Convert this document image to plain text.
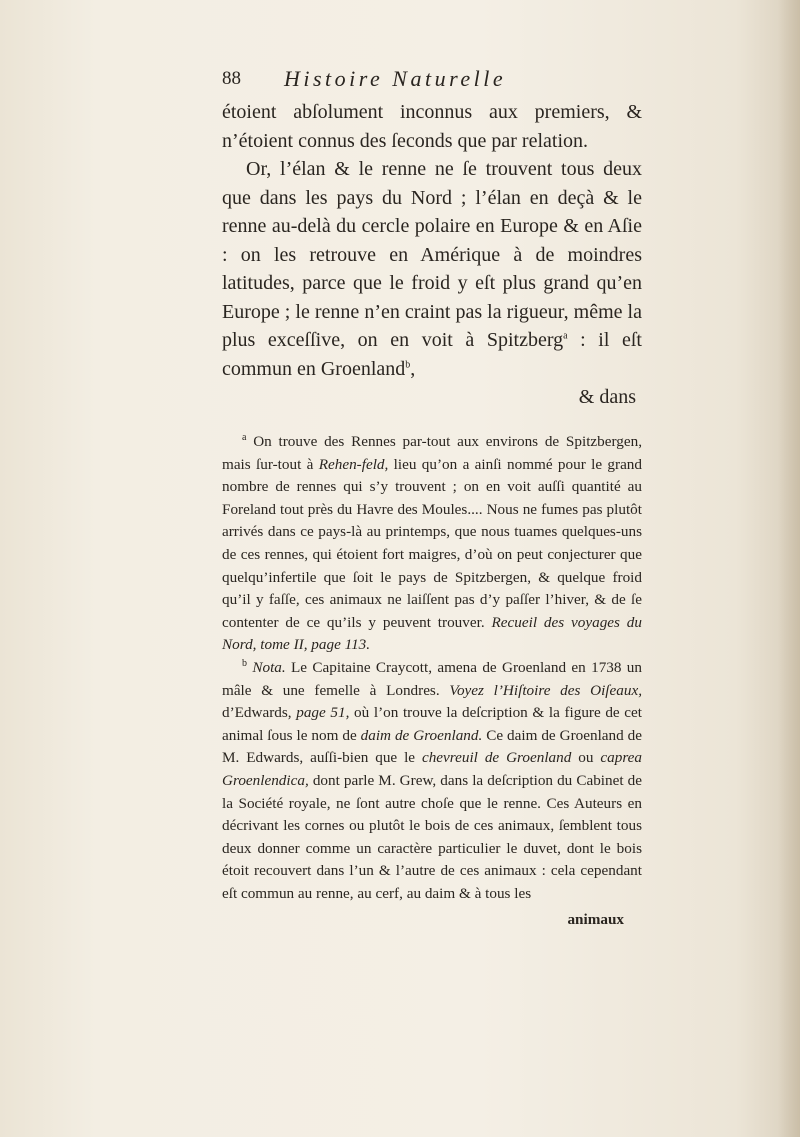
88 Histoire Naturelle

étoient abſolument inconnus aux premiers, & n’étoient connus des ſeconds que par relation.

Or, l’élan & le renne ne ſe trouvent tous deux que dans les pays du Nord ; l’élan en deçà & le renne au-delà du cercle polaire en Europe & en Aſie : on les retrouve en Amérique à de moindres latitudes, parce que le froid y eſt plus grand qu’en Europe ; le renne n’en craint pas la rigueur, même la plus exceſſive, on en voit à Spitzberg$^a$ : il eſt commun en Groenland$^b$,

& dans

$^a$ On trouve des Rennes par-tout aux environs de Spitzbergen, mais ſur-tout à Rehen-feld, lieu qu’on a ainſi nommé pour le grand nombre de rennes qui s’y trouvent ; on en voit auſſi quantité au Foreland tout près du Havre des Moules.... Nous ne fumes pas plutôt arrivés dans ce pays-là au printemps, que nous tuames quelques-uns de ces rennes, qui étoient fort maigres, d’où on peut conjecturer que quelqu’infertile que ſoit le pays de Spitzbergen, & quelque froid qu’il y faſſe, ces animaux ne laiſſent pas d’y paſſer l’hiver, & de ſe contenter de ce qu’ils y peuvent trouver. Recueil des voyages du Nord, tome II, page 113.

$^b$ Nota. Le Capitaine Craycott, amena de Groenland en 1738 un mâle & une femelle à Londres. Voyez l’Hiſtoire des Oiſeaux, d’Edwards, page 51, où l’on trouve la deſcription & la figure de cet animal ſous le nom de daim de Groenland. Ce daim de Groenland de M. Edwards, auſſi-bien que le chevreuil de Groenland ou caprea Groenlendica, dont parle M. Grew, dans la deſcription du Cabinet de la Société royale, ne ſont autre choſe que le renne. Ces Auteurs en décrivant les cornes ou plutôt le bois de ces animaux, ſemblent tous deux donner comme un caractère particulier le duvet, dont le bois étoit recouvert dans l’un & l’autre de ces animaux : cela cependant eſt commun au renne, au cerf, au daim & à tous les

animaux
